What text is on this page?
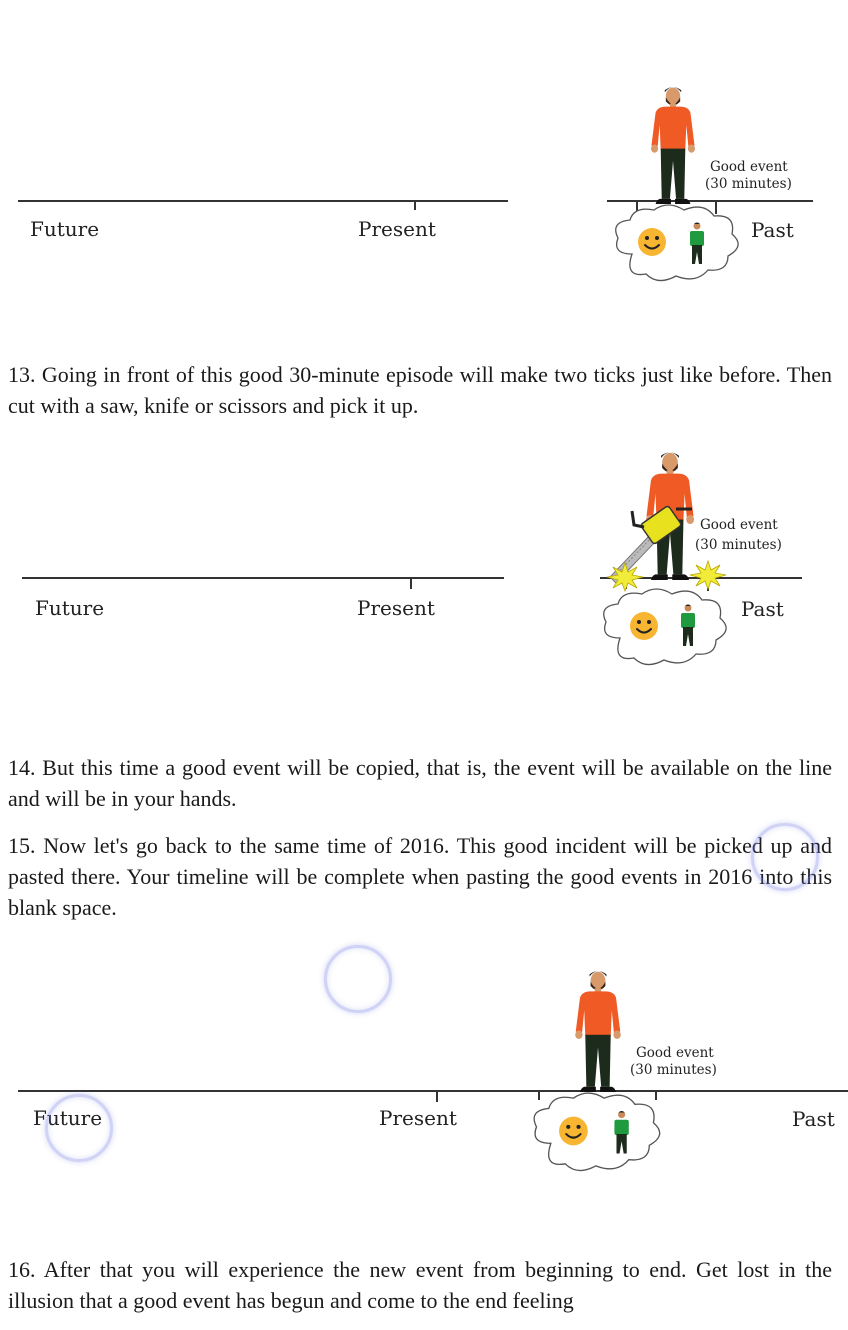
Good event
(30 minutes)
Future	Present	Past

13. Going in front of this good 30-minute episode will make two ticks just like before. Then cut with a saw, knife or scissors and pick it up.

Good event
(30 minutes)
Future	Present	Past

14. But this time a good event will be copied, that is, the event will be available on the line and will be in your hands.

15. Now let's go back to the same time of 2016. This good incident will be picked up and pasted there. Your timeline will be complete when pasting the good events in 2016 into this blank space.

Good event
(30 minutes)
Future	Present	Past

16. After that you will experience the new event from beginning to end. Get lost in the illusion that a good event has begun and come to the end feeling
